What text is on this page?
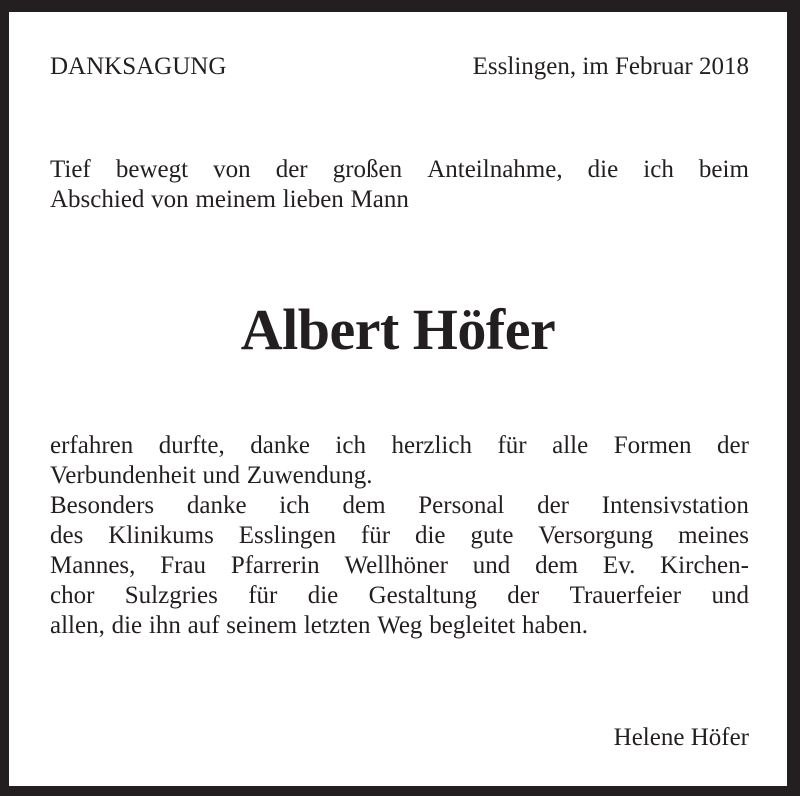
DANKSAGUNG	Esslingen, im Februar 2018
Tief bewegt von der großen Anteilnahme, die ich beim
Abschied von meinem lieben Mann
Albert Höfer
erfahren durfte, danke ich herzlich für alle Formen der
Verbundenheit und Zuwendung.
Besonders danke ich dem Personal der Intensivstation
des Klinikums Esslingen für die gute Versorgung meines
Mannes, Frau Pfarrerin Wellhöner und dem Ev. Kirchen-
chor Sulzgries für die Gestaltung der Trauerfeier und
allen, die ihn auf seinem letzten Weg begleitet haben.
Helene Höfer
